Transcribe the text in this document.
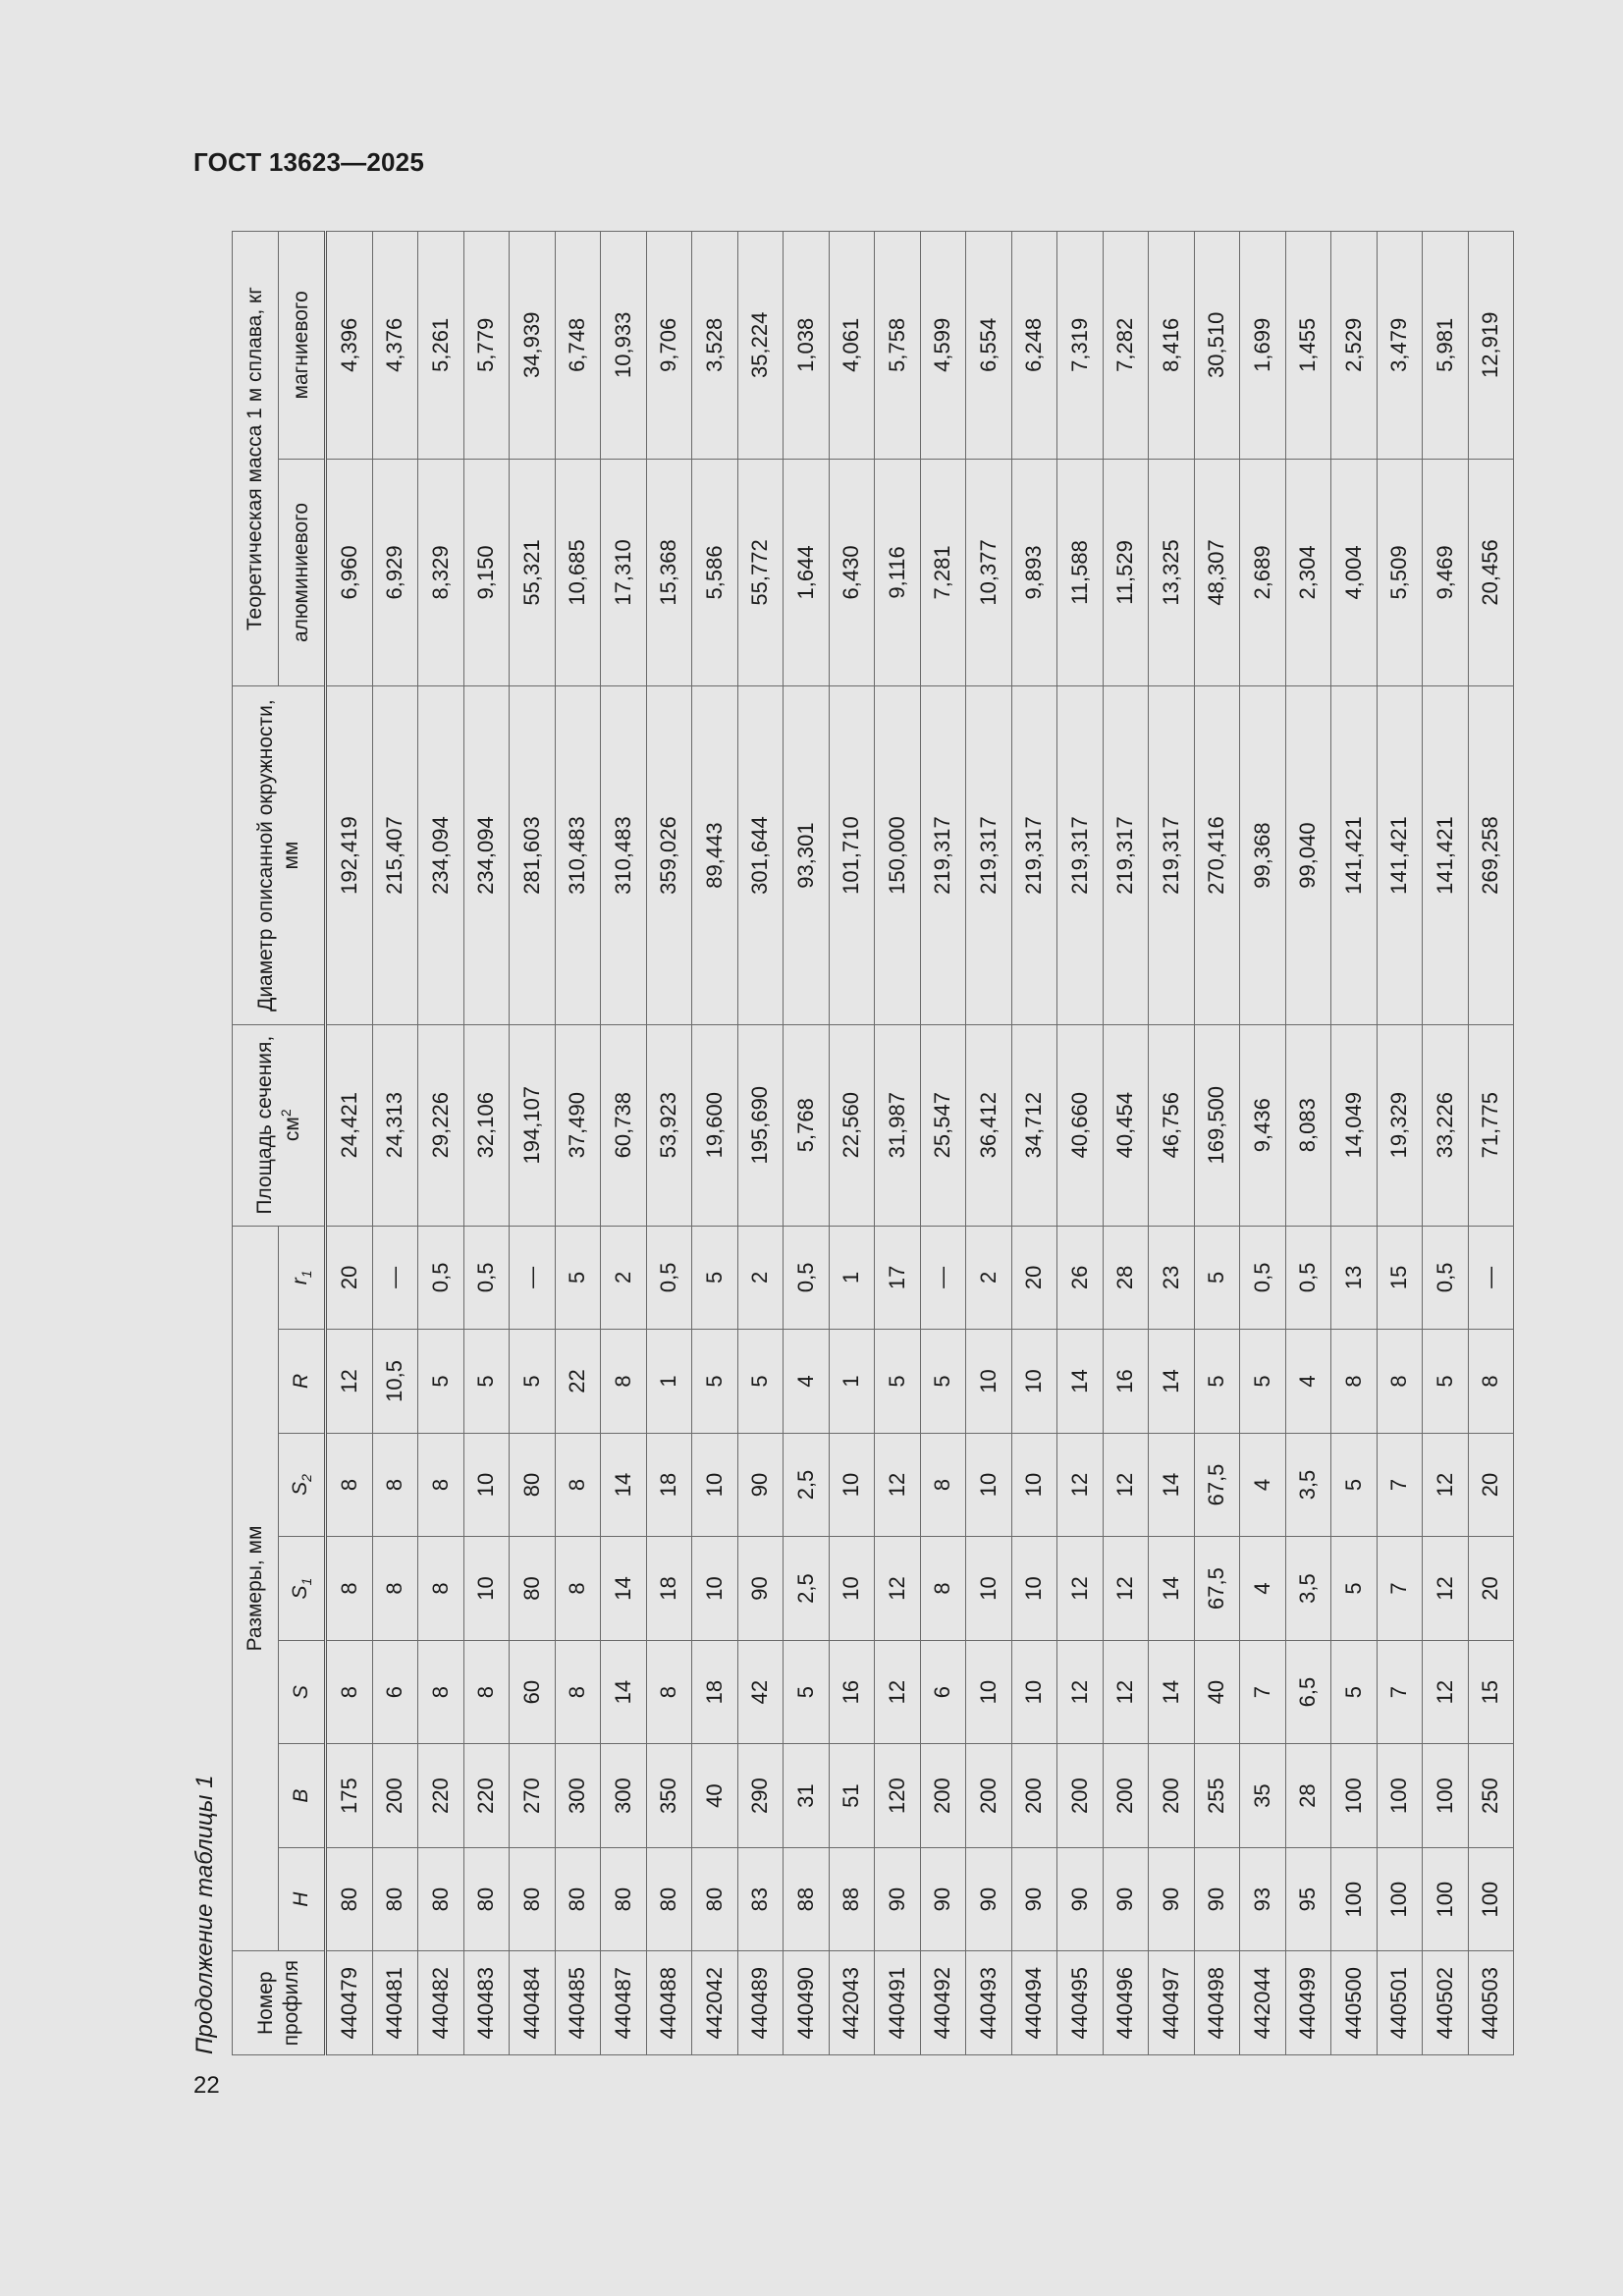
ГОСТ 13623—2025
22
Продолжение таблицы 1 Номер профиля	Размеры, мм							Площадь сечения, $см^2$	Диаметр описанной окружности, мм	Теоретическая масса 1 м сплава, кг	
	H	B	S	$S_1$	$S_2$	R	$r_1$			алюминиевого	магниевого
440479	80	175	8	8	8	12	20	24,421	192,419	6,960	4,396
440481	80	200	6	8	8	10,5	—	24,313	215,407	6,929	4,376
440482	80	220	8	8	8	5	0,5	29,226	234,094	8,329	5,261
440483	80	220	8	10	10	5	0,5	32,106	234,094	9,150	5,779
440484	80	270	60	80	80	5	—	194,107	281,603	55,321	34,939
440485	80	300	8	8	8	22	5	37,490	310,483	10,685	6,748
440487	80	300	14	14	14	8	2	60,738	310,483	17,310	10,933
440488	80	350	8	18	18	1	0,5	53,923	359,026	15,368	9,706
442042	80	40	18	10	10	5	5	19,600	89,443	5,586	3,528
440489	83	290	42	90	90	5	2	195,690	301,644	55,772	35,224
440490	88	31	5	2,5	2,5	4	0,5	5,768	93,301	1,644	1,038
442043	88	51	16	10	10	1	1	22,560	101,710	6,430	4,061
440491	90	120	12	12	12	5	17	31,987	150,000	9,116	5,758
440492	90	200	6	8	8	5	—	25,547	219,317	7,281	4,599
440493	90	200	10	10	10	10	2	36,412	219,317	10,377	6,554
440494	90	200	10	10	10	10	20	34,712	219,317	9,893	6,248
440495	90	200	12	12	12	14	26	40,660	219,317	11,588	7,319
440496	90	200	12	12	12	16	28	40,454	219,317	11,529	7,282
440497	90	200	14	14	14	14	23	46,756	219,317	13,325	8,416
440498	90	255	40	67,5	67,5	5	5	169,500	270,416	48,307	30,510
442044	93	35	7	4	4	5	0,5	9,436	99,368	2,689	1,699
440499	95	28	6,5	3,5	3,5	4	0,5	8,083	99,040	2,304	1,455
440500	100	100	5	5	5	8	13	14,049	141,421	4,004	2,529
440501	100	100	7	7	7	8	15	19,329	141,421	5,509	3,479
440502	100	100	12	12	12	5	0,5	33,226	141,421	9,469	5,981
440503	100	250	15	20	20	8	—	71,775	269,258	20,456	12,919
